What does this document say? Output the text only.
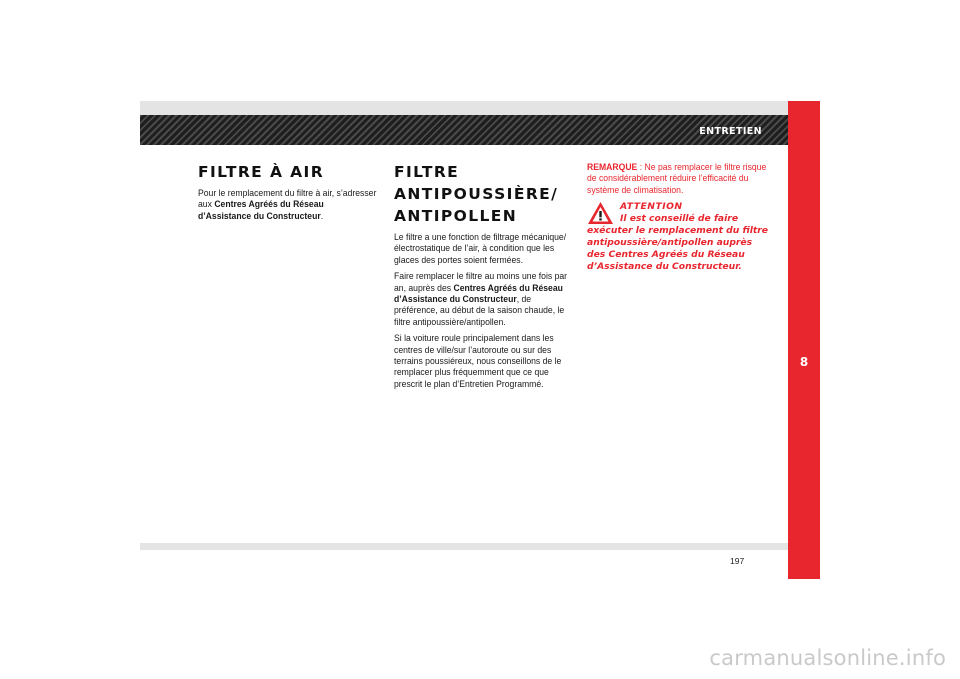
ENTRETIEN
8
FILTRE À AIR

Pour le remplacement du filtre à air, s’adresser aux Centres Agréés du Réseau d’Assistance du Constructeur.

FILTRE
ANTIPOUSSIÈRE/
ANTIPOLLEN

Le filtre a une fonction de filtrage mécanique/ électrostatique de l’air, à condition que les glaces des portes soient fermées.

Faire remplacer le filtre au moins une fois par an, auprès des Centres Agréés du Réseau d’Assistance du Constructeur, de préférence, au début de la saison chaude, le filtre antipoussière/antipollen.

Si la voiture roule principalement dans les centres de ville/sur l’autoroute ou sur des terrains poussiéreux, nous conseillons de le remplacer plus fréquemment que ce que prescrit le plan d’Entretien Programmé.

REMARQUE : Ne pas remplacer le filtre risque de considérablement réduire l’efficacité du système de climatisation.

ATTENTION
Il est conseillé de faire
exécuter le remplacement du filtre
antipoussière/antipollen auprès
des Centres Agréés du Réseau
d’Assistance du Constructeur.
197
carmanualsonline.info
